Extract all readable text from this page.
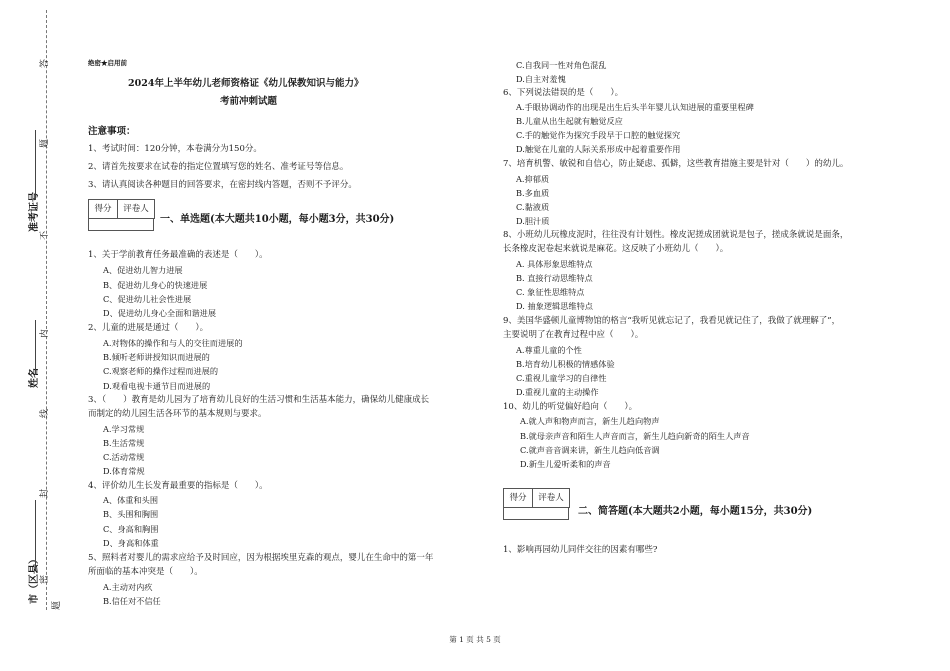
答
题
不
内
线
封
密
题
准考证号
姓名
市（区县）
绝密★启用前
2024年上半年幼儿老师资格证《幼儿保教知识与能力》
考前冲刺试题
注意事项：
1、考试时间：120分钟，本卷满分为150分。
2、请首先按要求在试卷的指定位置填写您的姓名、准考证号等信息。
3、请认真阅读各种题目的回答要求，在密封线内答题，否则不予评分。
得分	评卷人
一、单选题(本大题共10小题，每小题3分，共30分)
1、关于学前教育任务最准确的表述是（　　）。
A、促进幼儿智力进展
B、促进幼儿身心的快速进展
C、促进幼儿社会性进展
D、促进幼儿身心全面和谐进展
2、儿童的进展是通过（　　）。
A.对物体的操作和与人的交往而进展的
B.倾听老师讲授知识而进展的
C.观察老师的操作过程而进展的
D.观看电视卡通节目而进展的
3、（　　）教育是幼儿园为了培育幼儿良好的生活习惯和生活基本能力，确保幼儿健康成长
而制定的幼儿园生活各环节的基本规则与要求。
A.学习常规
B.生活常规
C.活动常规
D.体育常规
4、评价幼儿生长发育最重要的指标是（　　）。
A、体重和头围
B、头围和胸围
C、身高和胸围
D、身高和体重
5、照料者对婴儿的需求应给予及时回应，因为根据埃里克森的观点，婴儿在生命中的第一年
所面临的基本冲突是（　　）。
A.主动对内疚
B.信任对不信任
C.自我同一性对角色混乱
D.自主对羞愧
6、下列说法错误的是（　　）。
A.手眼协调动作的出现是出生后头半年婴儿认知进展的重要里程碑
B.儿童从出生起就有触觉反应
C.手的触觉作为探究手段早于口腔的触觉探究
D.触觉在儿童的人际关系形成中起着重要作用
7、培育机警、敏锐和自信心，防止疑虑、孤僻，这些教育措施主要是针对（　　）的幼儿。
A.抑郁质
B.多血质
C.黏液质
D.胆汁质
8、小班幼儿玩橡皮泥时，往往没有计划性。橡皮泥搓成团就说是包子，搓成条就说是面条，
长条橡皮泥卷起来就说是麻花。这反映了小班幼儿（　　）。
A. 具体形象思维特点
B. 直接行动思维特点
C. 象征性思维特点
D. 抽象逻辑思维特点
9、美国华盛顿儿童博物馆的格言“我听见就忘记了，我看见就记住了，我做了就理解了”，
主要说明了在教育过程中应（　　）。
A.尊重儿童的个性
B.培育幼儿积极的情感体验
C.重视儿童学习的自律性
D.重视儿童的主动操作
10、幼儿的听觉偏好趋向（　　）。
A.就人声和物声而言，新生儿趋向物声
B.就母亲声音和陌生人声音而言，新生儿趋向新奇的陌生人声音
C.就声音音调来讲，新生儿趋向低音调
D.新生儿爱听柔和的声音
得分	评卷人
二、简答题(本大题共2小题，每小题15分，共30分)
1、影响再园幼儿同伴交往的因素有哪些?
第 1 页 共 5 页
